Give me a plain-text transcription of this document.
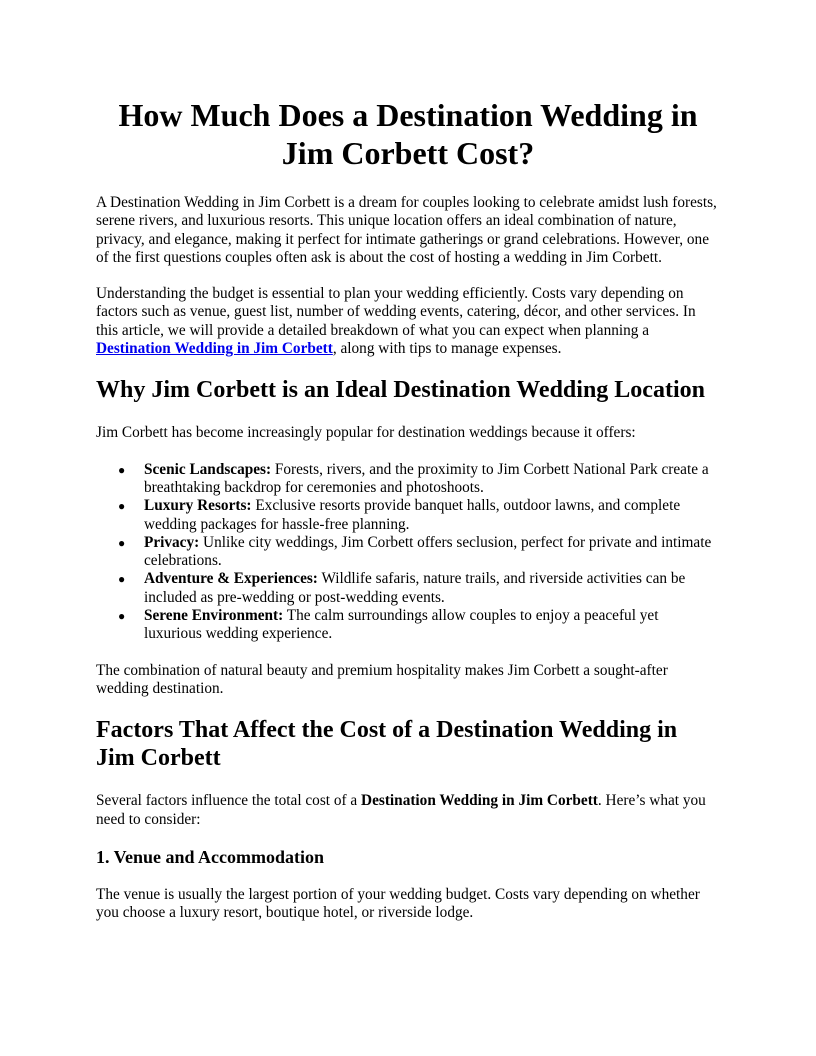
How Much Does a Destination Wedding in Jim Corbett Cost?

A Destination Wedding in Jim Corbett is a dream for couples looking to celebrate amidst lush forests, serene rivers, and luxurious resorts. This unique location offers an ideal combination of nature, privacy, and elegance, making it perfect for intimate gatherings or grand celebrations. However, one of the first questions couples often ask is about the cost of hosting a wedding in Jim Corbett.

Understanding the budget is essential to plan your wedding efficiently. Costs vary depending on factors such as venue, guest list, number of wedding events, catering, décor, and other services. In this article, we will provide a detailed breakdown of what you can expect when planning a Destination Wedding in Jim Corbett, along with tips to manage expenses.

Why Jim Corbett is an Ideal Destination Wedding Location

Jim Corbett has become increasingly popular for destination weddings because it offers:

● Scenic Landscapes: Forests, rivers, and the proximity to Jim Corbett National Park create a breathtaking backdrop for ceremonies and photoshoots.
● Luxury Resorts: Exclusive resorts provide banquet halls, outdoor lawns, and complete wedding packages for hassle-free planning.
● Privacy: Unlike city weddings, Jim Corbett offers seclusion, perfect for private and intimate celebrations.
● Adventure & Experiences: Wildlife safaris, nature trails, and riverside activities can be included as pre-wedding or post-wedding events.
● Serene Environment: The calm surroundings allow couples to enjoy a peaceful yet luxurious wedding experience.

The combination of natural beauty and premium hospitality makes Jim Corbett a sought-after wedding destination.

Factors That Affect the Cost of a Destination Wedding in Jim Corbett

Several factors influence the total cost of a Destination Wedding in Jim Corbett. Here’s what you need to consider:

1. Venue and Accommodation

The venue is usually the largest portion of your wedding budget. Costs vary depending on whether you choose a luxury resort, boutique hotel, or riverside lodge.
